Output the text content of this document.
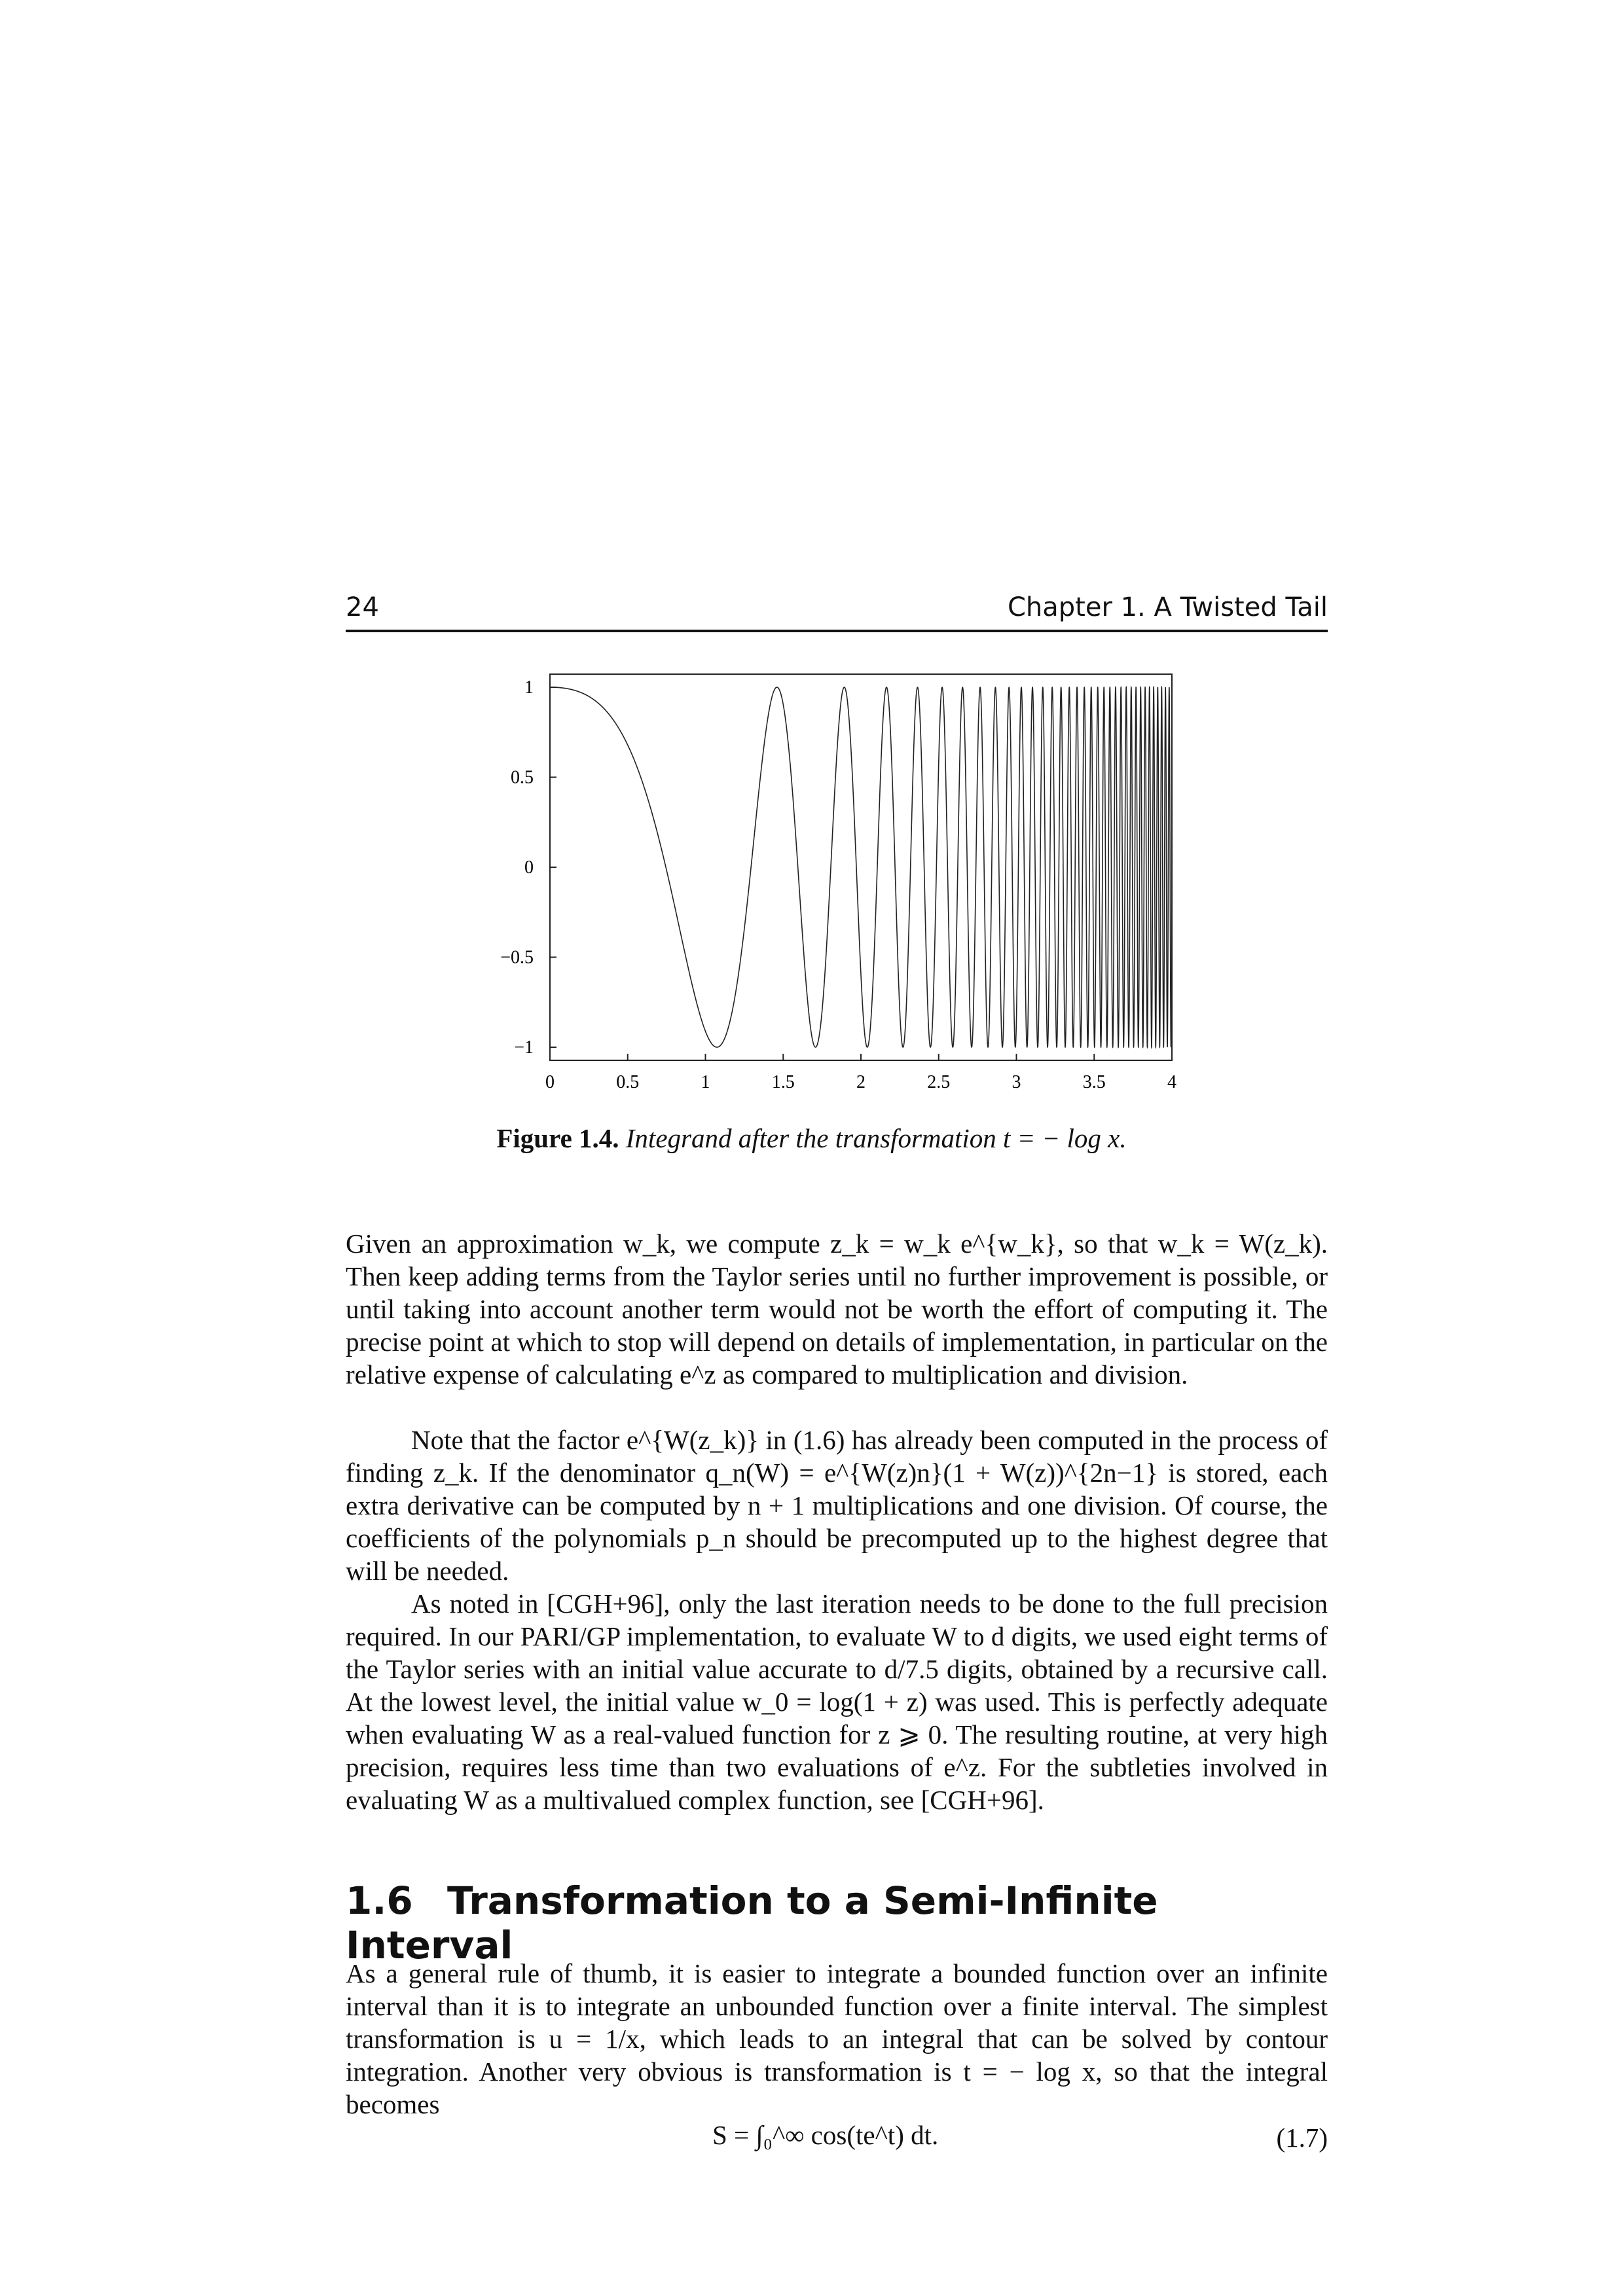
24	Chapter 1. A Twisted Tail
0	0.5	1	1.5	2	2.5	3	3.5	4
1
0.5
0
−0.5
−1
Figure 1.4. Integrand after the transformation t = − log x.

Given an approximation w_k, we compute z_k = w_k e^{w_k}, so that w_k = W(z_k). Then keep adding terms from the Taylor series until no further improvement is possible, or until taking into account another term would not be worth the effort of computing it. The precise point at which to stop will depend on details of implementation, in particular on the relative expense of calculating e^z as compared to multiplication and division.

Note that the factor e^{W(z_k)} in (1.6) has already been computed in the process of finding z_k. If the denominator q_n(W) = e^{W(z)n}(1 + W(z))^{2n−1} is stored, each extra derivative can be computed by n + 1 multiplications and one division. Of course, the coefficients of the polynomials p_n should be precomputed up to the highest degree that will be needed.

As noted in [CGH+96], only the last iteration needs to be done to the full precision required. In our PARI/GP implementation, to evaluate W to d digits, we used eight terms of the Taylor series with an initial value accurate to d/7.5 digits, obtained by a recursive call. At the lowest level, the initial value w_0 = log(1 + z) was used. This is perfectly adequate when evaluating W as a real-valued function for z ⩾ 0. The resulting routine, at very high precision, requires less time than two evaluations of e^z. For the subtleties involved in evaluating W as a multivalued complex function, see [CGH+96].

1.6 Transformation to a Semi-Infinite Interval

As a general rule of thumb, it is easier to integrate a bounded function over an infinite interval than it is to integrate an unbounded function over a finite interval. The simplest transformation is u = 1/x, which leads to an integral that can be solved by contour integration. Another very obvious is transformation is t = − log x, so that the integral becomes

S = ∫₀^∞ cos(te^t) dt.	(1.7)
